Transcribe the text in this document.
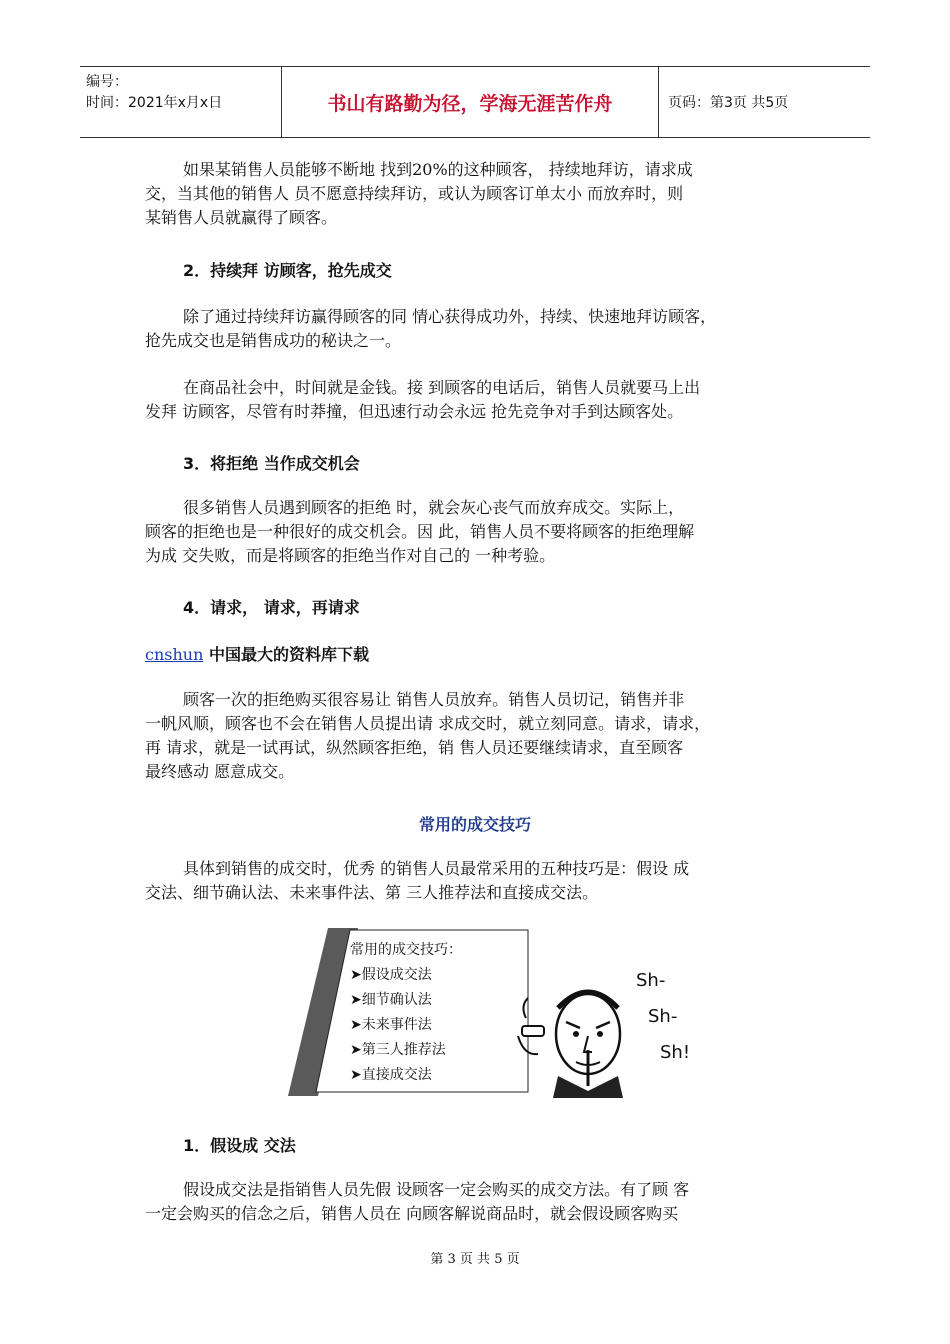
编号：
时间：2021年x月x日	书山有路勤为径，学海无涯苦作舟	页码：第3页 共5页
如果某销售人员能够不断地 找到20%的这种顾客， 持续地拜访，请求成
交，当其他的销售人 员不愿意持续拜访，或认为顾客订单太小 而放弃时，则
某销售人员就赢得了顾客。
2．持续拜 访顾客，抢先成交
除了通过持续拜访赢得顾客的同 情心获得成功外，持续、快速地拜访顾客，
抢先成交也是销售成功的秘诀之一。
在商品社会中，时间就是金钱。接 到顾客的电话后，销售人员就要马上出
发拜 访顾客，尽管有时莽撞，但迅速行动会永远 抢先竞争对手到达顾客处。
3．将拒绝 当作成交机会
很多销售人员遇到顾客的拒绝 时，就会灰心丧气而放弃成交。实际上，
顾客的拒绝也是一种很好的成交机会。因 此，销售人员不要将顾客的拒绝理解
为成 交失败，而是将顾客的拒绝当作对自己的 一种考验。
4．请求， 请求，再请求
cnshun 中国最大的资料库下载
顾客一次的拒绝购买很容易让 销售人员放弃。销售人员切记，销售并非
一帆风顺，顾客也不会在销售人员提出请 求成交时，就立刻同意。请求，请求，
再 请求，就是一试再试，纵然顾客拒绝，销 售人员还要继续请求，直至顾客
最终感动 愿意成交。
常用的成交技巧
具体到销售的成交时，优秀 的销售人员最常采用的五种技巧是：假设 成
交法、细节确认法、未来事件法、第 三人推荐法和直接成交法。
Sh-
Sh-
Sh!
常用的成交技巧：
➤假设成交法
➤细节确认法
➤未来事件法
➤第三人推荐法
➤直接成交法
1．假设成 交法
假设成交法是指销售人员先假 设顾客一定会购买的成交方法。有了顾 客
一定会购买的信念之后，销售人员在 向顾客解说商品时，就会假设顾客购买
第 3 页 共 5 页
